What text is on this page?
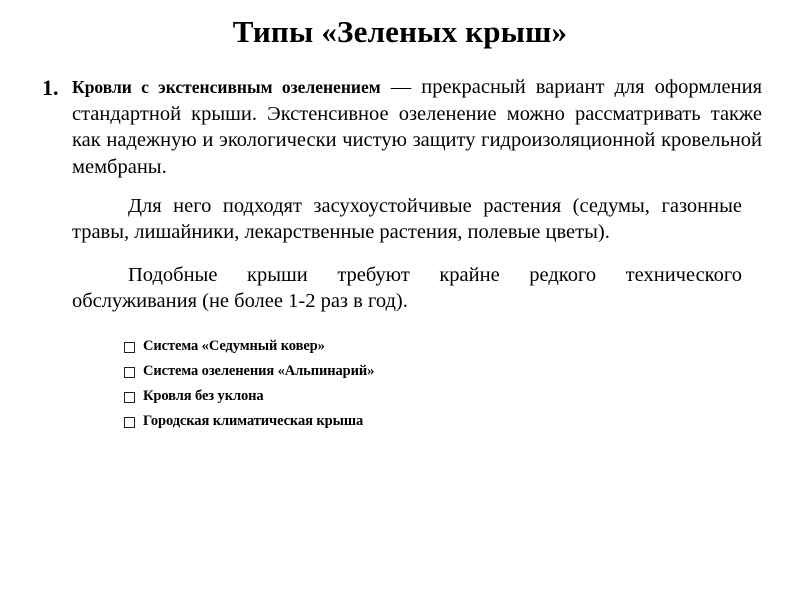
Типы «Зеленых крыш»
1. Кровли с экстенсивным озеленением — прекрасный вариант для оформления стандартной крыши. Экстенсивное озеленение можно рассматривать также как надежную и экологически чистую защиту гидроизоляционной кровельной мембраны.
Для него подходят засухоустойчивые растения (седумы, газонные травы, лишайники, лекарственные растения, полевые цветы).
Подобные крыши требуют крайне редкого технического обслуживания (не более 1-2 раз в год).
Система «Седумный ковер»
Система озеленения «Альпинарий»
Кровля без уклона
Городская климатическая крыша
